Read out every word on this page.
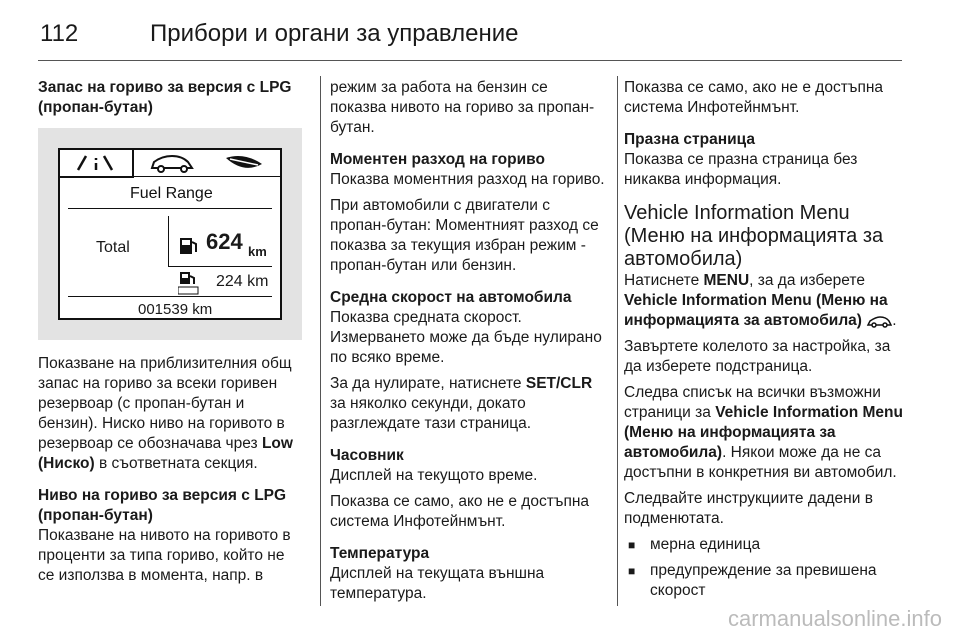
112	Прибори и органи за управление
Запас на гориво за версия с LPG (пропан-бутан)
Fuel Range
Total	624 km
224 km
001539 km

Показване на приблизителния общ запас на гориво за всеки горивен резервоар (с пропан-бутан и бензин). Ниско ниво на горивото в резервоар се обозначава чрез Low (Ниско) в съответната секция.

Ниво на гориво за версия с LPG (пропан-бутан)

Показване на нивото на горивото в проценти за типа гориво, който не се използва в момента, напр. в

режим за работа на бензин се показва нивото на гориво за пропан-бутан.

Моментен разход на гориво

Показва моментния разход на гориво.

При автомобили с двигатели с пропан-бутан: Моментният разход се показва за текущия избран режим - пропан-бутан или бензин.

Средна скорост на автомобила

Показва средната скорост.

Измерването може да бъде нулирано по всяко време.

За да нулирате, натиснете SET/CLR за няколко секунди, докато разглеждате тази страница.

Часовник

Дисплей на текущото време.

Показва се само, ако не е достъпна система Инфотейнмънт.

Температура

Дисплей на текущата външна температура.

Показва се само, ако не е достъпна система Инфотейнмънт.

Празна страница

Показва се празна страница без никаква информация.

Vehicle Information Menu (Меню на информацията за автомобила)

Натиснете MENU, за да изберете Vehicle Information Menu (Меню на информацията за автомобила) .

Завъртете колелото за настройка, за да изберете подстраница.

Следва списък на всички възможни страници за Vehicle Information Menu (Меню на информацията за автомобила). Някои може да не са достъпни в конкретния ви автомобил.

Следвайте инструкциите дадени в подменютата.

■ мерна единица
■ предупреждение за превишена скорост
carmanualsonline.info
